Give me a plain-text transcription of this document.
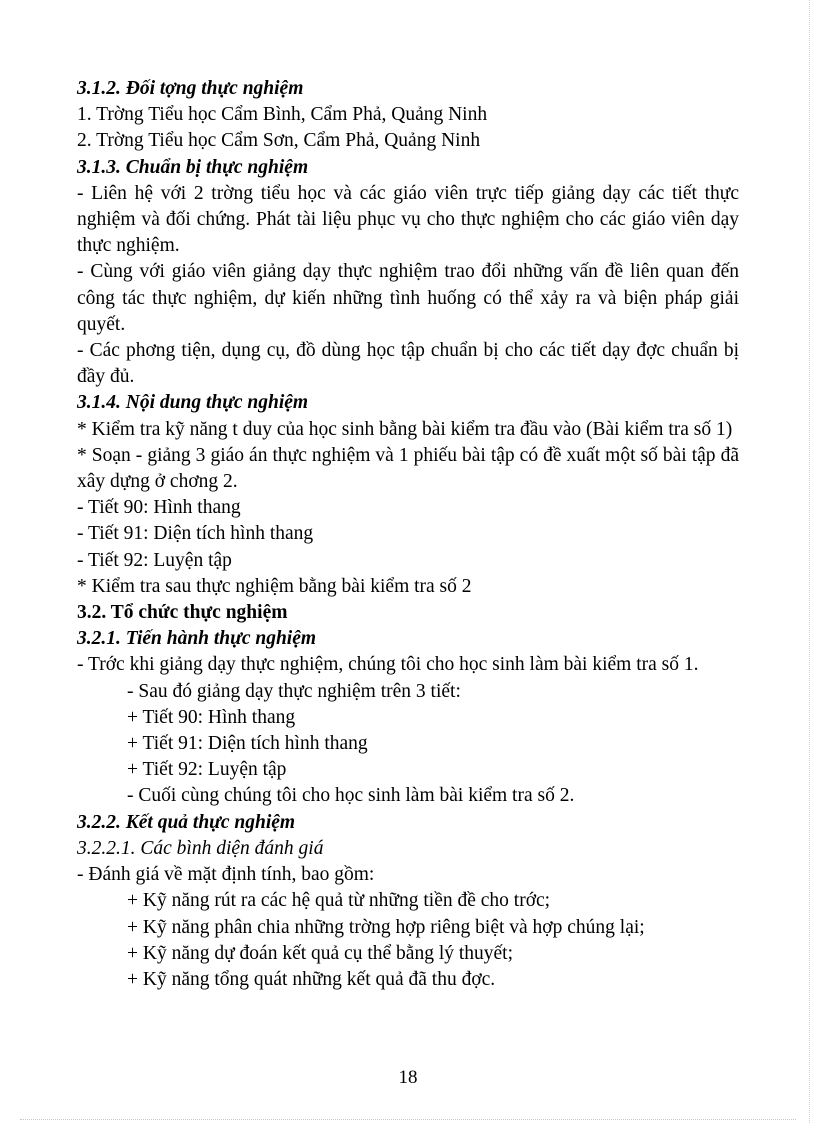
3.1.2. Đối tợng thực nghiệm
1. Trờng Tiểu học Cẩm Bình, Cẩm Phả, Quảng Ninh
2. Trờng Tiểu học Cẩm Sơn, Cẩm Phả, Quảng Ninh
3.1.3. Chuẩn bị thực nghiệm
- Liên hệ với 2 trờng tiểu học và các giáo viên trực tiếp giảng dạy các tiết thực nghiệm và đối chứng. Phát tài liệu phục vụ cho thực nghiệm cho các giáo viên dạy thực nghiệm.
- Cùng với giáo viên giảng dạy thực nghiệm trao đổi những vấn đề liên quan đến công tác thực nghiệm, dự kiến những tình huống có thể xảy ra và biện pháp giải quyết.
- Các phơng tiện, dụng cụ, đồ dùng học tập chuẩn bị cho các tiết dạy đợc chuẩn bị đầy đủ.
3.1.4. Nội dung thực nghiệm
* Kiểm tra kỹ năng t duy của học sinh bằng bài kiểm tra đầu vào (Bài kiểm tra số 1)
* Soạn - giảng 3 giáo án thực nghiệm và 1 phiếu bài tập có đề xuất một số bài tập đã xây dựng ở chơng 2.
- Tiết 90: Hình thang
- Tiết 91: Diện tích hình thang
- Tiết 92: Luyện tập
* Kiểm tra sau thực nghiệm bằng bài kiểm tra số 2
3.2. Tổ chức thực nghiệm
3.2.1. Tiến hành thực nghiệm
- Trớc khi giảng dạy thực nghiệm, chúng tôi cho học sinh làm bài kiểm tra số 1.
- Sau đó giảng dạy thực nghiệm trên 3 tiết:
+ Tiết 90: Hình thang
+ Tiết 91: Diện tích hình thang
+ Tiết 92: Luyện tập
- Cuối cùng chúng tôi cho học sinh làm bài kiểm tra số 2.
3.2.2. Kết quả thực nghiệm
3.2.2.1. Các bình diện đánh giá
- Đánh giá về mặt định tính, bao gồm:
+ Kỹ năng rút ra các hệ quả từ những tiền đề cho trớc;
+ Kỹ năng phân chia những trờng hợp riêng biệt và hợp chúng lại;
+ Kỹ năng dự đoán kết quả cụ thể bằng lý thuyết;
+ Kỹ năng tổng quát những kết quả đã thu đợc.
18
